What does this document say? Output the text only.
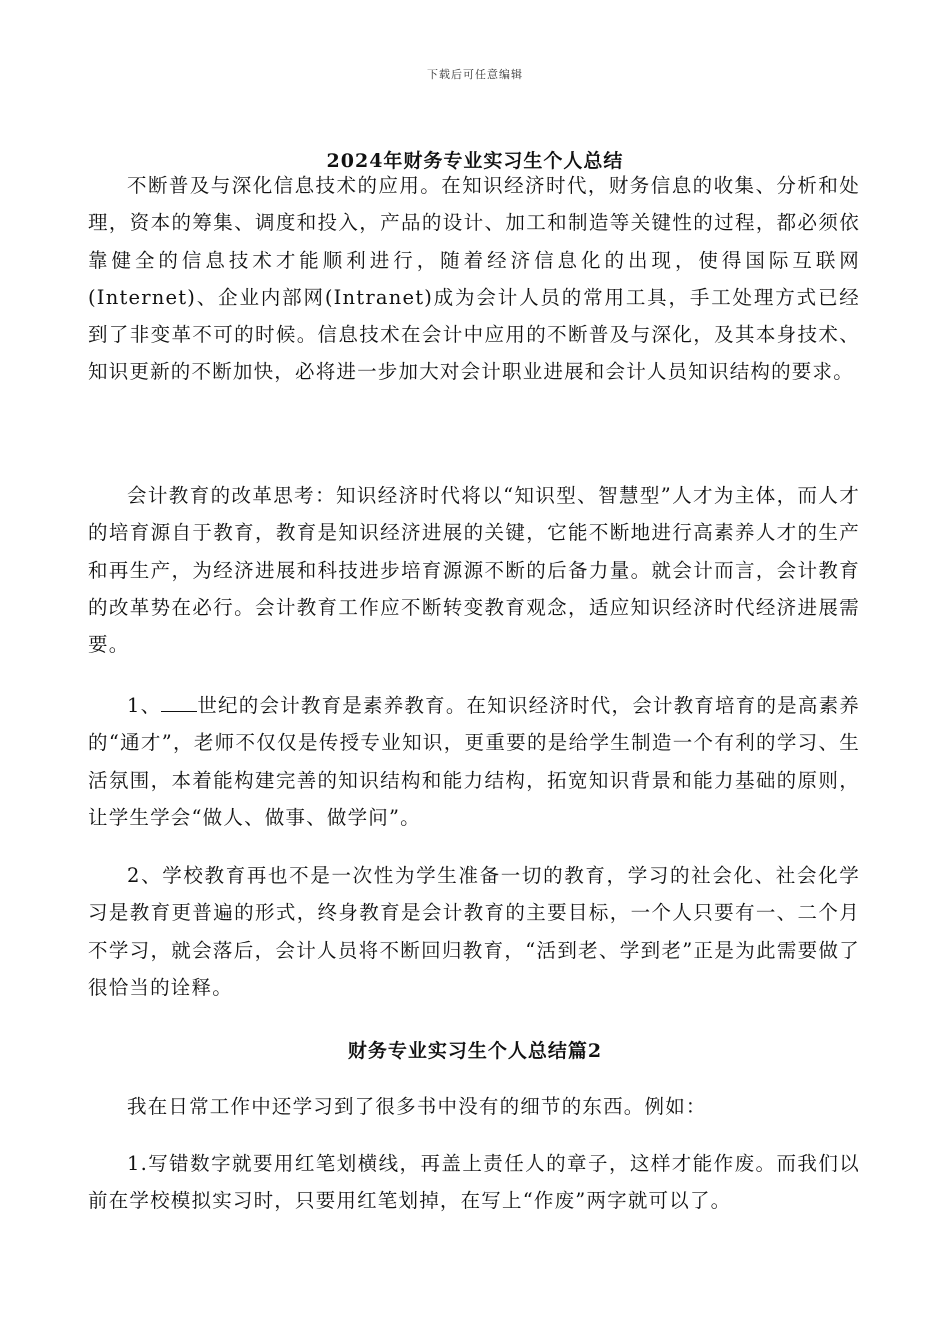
下载后可任意编辑
2024年财务专业实习生个人总结

不断普及与深化信息技术的应用。在知识经济时代，财务信息的收集、分析和处理，资本的筹集、调度和投入，产品的设计、加工和制造等关键性的过程，都必须依靠健全的信息技术才能顺利进行，随着经济信息化的出现，使得国际互联网(Internet)、企业内部网(Intranet)成为会计人员的常用工具，手工处理方式已经到了非变革不可的时候。信息技术在会计中应用的不断普及与深化，及其本身技术、知识更新的不断加快，必将进一步加大对会计职业进展和会计人员知识结构的要求。

会计教育的改革思考：知识经济时代将以“知识型、智慧型”人才为主体，而人才的培育源自于教育，教育是知识经济进展的关键，它能不断地进行高素养人才的生产和再生产，为经济进展和科技进步培育源源不断的后备力量。就会计而言，会计教育的改革势在必行。会计教育工作应不断转变教育观念，适应知识经济时代经济进展需要。

1、 世纪的会计教育是素养教育。在知识经济时代，会计教育培育的是高素养的“通才”，老师不仅仅是传授专业知识，更重要的是给学生制造一个有利的学习、生活氛围，本着能构建完善的知识结构和能力结构，拓宽知识背景和能力基础的原则，让学生学会“做人、做事、做学问”。

2、学校教育再也不是一次性为学生准备一切的教育，学习的社会化、社会化学习是教育更普遍的形式，终身教育是会计教育的主要目标，一个人只要有一、二个月不学习，就会落后，会计人员将不断回归教育，“活到老、学到老”正是为此需要做了很恰当的诠释。

财务专业实习生个人总结篇2

我在日常工作中还学习到了很多书中没有的细节的东西。例如：

1.写错数字就要用红笔划横线，再盖上责任人的章子，这样才能作废。而我们以前在学校模拟实习时，只要用红笔划掉，在写上“作废”两字就可以了。
